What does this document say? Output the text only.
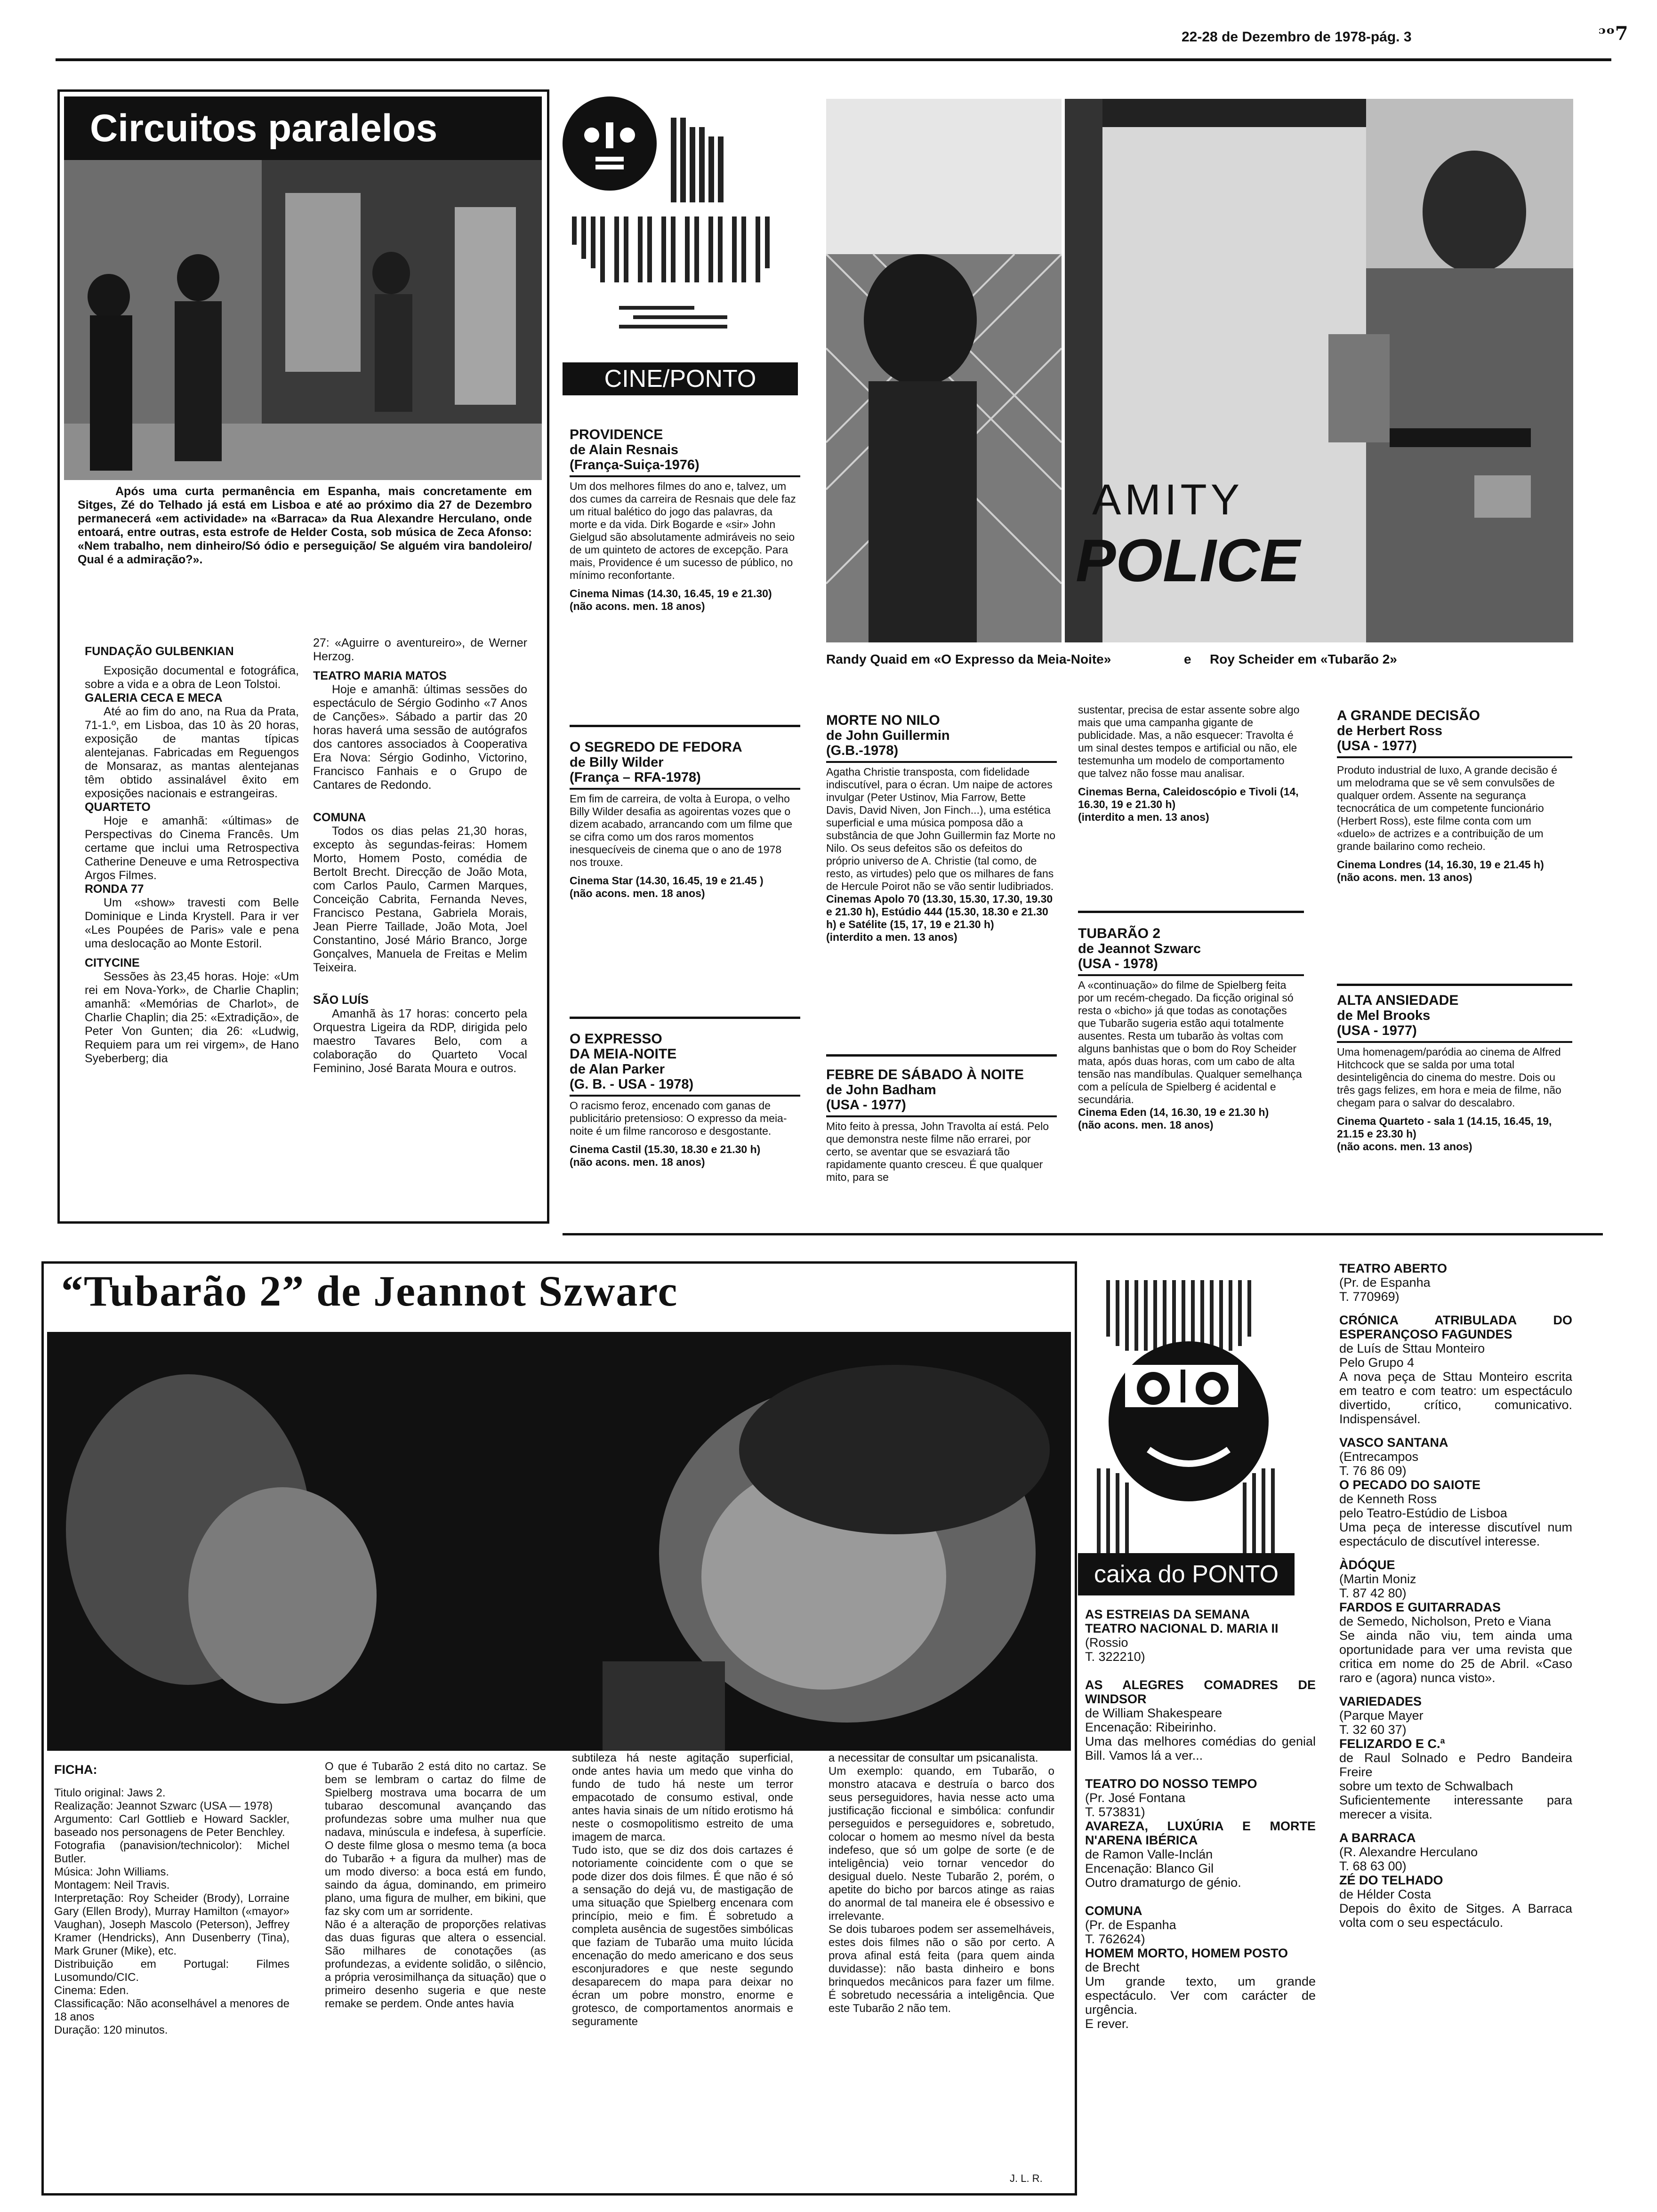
22-28 de Dezembro de 1978-pág. 3	ᵓᵒ7
Circuitos paralelos
Após uma curta permanência em Espanha, mais concretamente em Sitges, Zé do Telhado já está em Lisboa e até ao próximo dia 27 de Dezembro permanecerá «em actividade» na «Barraca» da Rua Alexandre Herculano, onde entoará, entre outras, esta estrofe de Helder Costa, sob música de Zeca Afonso: «Nem trabalho, nem dinheiro/Só ódio e perseguição/ Se alguém vira bandoleiro/ Qual é a admiração?».
FUNDAÇÃO GULBENKIAN
Exposição documental e fotográfica, sobre a vida e a obra de Leon Tolstoi.
GALERIA CECA E MECA
Até ao fim do ano, na Rua da Prata, 71-1.º, em Lisboa, das 10 às 20 horas, exposição de mantas típicas alentejanas. Fabricadas em Reguengos de Monsaraz, as mantas alentejanas têm obtido assinalável êxito em exposições nacionais e estrangeiras.
QUARTETO
Hoje e amanhã: «últimas» de Perspectivas do Cinema Francês. Um certame que inclui uma Retrospectiva Catherine Deneuve e uma Retrospectiva Argos Filmes.
RONDA 77
Um «show» travesti com Belle Dominique e Linda Krystell. Para ir ver «Les Poupées de Paris» vale e pena uma deslocação ao Monte Estoril.
CITYCINE
Sessões às 23,45 horas. Hoje: «Um rei em Nova-York», de Charlie Chaplin; amanhã: «Memórias de Charlot», de Charlie Chaplin; dia 25: «Extradição», de Peter Von Gunten; dia 26: «Ludwig, Requiem para um rei virgem», de Hano Syeberberg; dia
27: «Aguirre o aventureiro», de Werner Herzog.
TEATRO MARIA MATOS
Hoje e amanhã: últimas sessões do espectáculo de Sérgio Godinho «7 Anos de Canções». Sábado a partir das 20 horas haverá uma sessão de autógrafos dos cantores associados à Cooperativa Era Nova: Sérgio Godinho, Victorino, Francisco Fanhais e o Grupo de Cantares de Redondo.
COMUNA
Todos os dias pelas 21,30 horas, excepto às segundas-feiras: Homem Morto, Homem Posto, comédia de Bertolt Brecht. Direcção de João Mota, com Carlos Paulo, Carmen Marques, Conceição Cabrita, Fernanda Neves, Francisco Pestana, Gabriela Morais, Jean Pierre Taillade, João Mota, Joel Constantino, José Mário Branco, Jorge Gonçalves, Manuela de Freitas e Melim Teixeira.
SÃO LUÍS
Amanhã às 17 horas: concerto pela Orquestra Ligeira da RDP, dirigida pelo maestro Tavares Belo, com a colaboração do Quarteto Vocal Feminino, José Barata Moura e outros.
CINE/PONTO
PROVIDENCE
de Alain Resnais
(França-Suiça-1976)
Um dos melhores filmes do ano e, talvez, um dos cumes da carreira de Resnais que dele faz um ritual balético do jogo das palavras, da morte e da vida. Dirk Bogarde e «sir» John Gielgud são absolutamente admiráveis no seio de um quinteto de actores de excepção. Para mais, Providence é um sucesso de público, no mínimo reconfortante.
Cinema Nimas (14.30, 16.45, 19 e 21.30)
(não acons. men. 18 anos)
O SEGREDO DE FEDORA
de Billy Wilder
(França – RFA-1978)
Em fim de carreira, de volta à Europa, o velho Billy Wilder desafia as agoirentas vozes que o dizem acabado, arrancando com um filme que se cifra como um dos raros momentos inesquecíveis de cinema que o ano de 1978 nos trouxe.
Cinema Star (14.30, 16.45, 19 e 21.45 )
(não acons. men. 18 anos)
O EXPRESSO
DA MEIA-NOITE
de Alan Parker
(G. B. - USA - 1978)
O racismo feroz, encenado com ganas de publicitário pretensioso: O expresso da meia-noite é um filme rancoroso e desgostante.
Cinema Castil (15.30, 18.30 e 21.30 h)
(não acons. men. 18 anos)
AMITY
POLICE
Randy Quaid em «O Expresso da Meia-Noite»	e Roy Scheider em «Tubarão 2»
MORTE NO NILO
de John Guillermin
(G.B.-1978)
Agatha Christie transposta, com fidelidade indiscutível, para o écran. Um naipe de actores invulgar (Peter Ustinov, Mia Farrow, Bette Davis, David Niven, Jon Finch...), uma estética superficial e uma música pomposa dão a substância de que John Guillermin faz Morte no Nilo. Os seus defeitos são os defeitos do próprio universo de A. Christie (tal como, de resto, as virtudes) pelo que os milhares de fans de Hercule Poirot não se vão sentir ludibriados.
Cinemas Apolo 70 (13.30, 15.30, 17.30, 19.30 e 21.30 h), Estúdio 444 (15.30, 18.30 e 21.30 h) e Satélite (15, 17, 19 e 21.30 h)
(interdito a men. 13 anos)
FEBRE DE SÁBADO À NOITE
de John Badham
(USA - 1977)
Mito feito à pressa, John Travolta aí está. Pelo que demonstra neste filme não errarei, por certo, se aventar que se esvaziará tão rapidamente quanto cresceu. É que qualquer mito, para se
sustentar, precisa de estar assente sobre algo mais que uma campanha gigante de publicidade. Mas, a não esquecer: Travolta é um sinal destes tempos e artificial ou não, ele testemunha um modelo de comportamento que talvez não fosse mau analisar.
Cinemas Berna, Caleidoscópio e Tivoli (14, 16.30, 19 e 21.30 h)
(interdito a men. 13 anos)
TUBARÃO 2
de Jeannot Szwarc
(USA - 1978)
A «continuação» do filme de Spielberg feita por um recém-chegado. Da ficção original só resta o «bicho» já que todas as conotações que Tubarão sugeria estão aqui totalmente ausentes. Resta um tubarão às voltas com alguns banhistas que o bom do Roy Scheider mata, após duas horas, com um cabo de alta tensão nas mandíbulas. Qualquer semelhança com a película de Spielberg é acidental e secundária.
Cinema Eden (14, 16.30, 19 e 21.30 h)
(não acons. men. 18 anos)
A GRANDE DECISÃO
de Herbert Ross
(USA - 1977)
Produto industrial de luxo, A grande decisão é um melodrama que se vê sem convulsões de qualquer ordem. Assente na segurança tecnocrática de um competente funcionário (Herbert Ross), este filme conta com um «duelo» de actrizes e a contribuição de um grande bailarino como recheio.
Cinema Londres (14, 16.30, 19 e 21.45 h)
(não acons. men. 13 anos)
ALTA ANSIEDADE
de Mel Brooks
(USA - 1977)
Uma homenagem/paródia ao cinema de Alfred Hitchcock que se salda por uma total desinteligência do cinema do mestre. Dois ou três gags felizes, em hora e meia de filme, não chegam para o salvar do descalabro.
Cinema Quarteto - sala 1 (14.15, 16.45, 19, 21.15 e 23.30 h)
(não acons. men. 13 anos)
“Tubarão 2” de Jeannot Szwarc
FICHA:
Titulo original: Jaws 2.
Realização: Jeannot Szwarc (USA — 1978)
Argumento: Carl Gottlieb e Howard Sackler, baseado nos personagens de Peter Benchley.
Fotografia (panavision/technicolor): Michel Butler.
Música: John Williams.
Montagem: Neil Travis.
Interpretação: Roy Scheider (Brody), Lorraine Gary (Ellen Brody), Murray Hamilton («mayor» Vaughan), Joseph Mascolo (Peterson), Jeffrey Kramer (Hendricks), Ann Dusenberry (Tina), Mark Gruner (Mike), etc.
Distribuição em Portugal: Filmes Lusomundo/CIC.
Cinema: Eden.
Classificação: Não aconselhável a menores de 18 anos
Duração: 120 minutos.
O que é Tubarão 2 está dito no cartaz. Se bem se lembram o cartaz do filme de Spielberg mostrava uma bocarra de um tubarao descomunal avançando das profundezas sobre uma mulher nua que nadava, minúscula e indefesa, à superfície. O deste filme glosa o mesmo tema (a boca do Tubarão + a figura da mulher) mas de um modo diverso: a boca está em fundo, saindo da água, dominando, em primeiro plano, uma figura de mulher, em bikini, que faz sky com um ar sorridente.
Não é a alteração de proporções relativas das duas figuras que altera o essencial. São milhares de conotações (as profundezas, a evidente solidão, o silêncio, a própria verosimilhança da situação) que o primeiro desenho sugeria e que neste remake se perdem. Onde antes havia
subtileza há neste agitação superficial, onde antes havia um medo que vinha do fundo de tudo há neste um terror empacotado de consumo estival, onde antes havia sinais de um nítido erotismo há neste o cosmopolitismo estreito de uma imagem de marca.
Tudo isto, que se diz dos dois cartazes é notoriamente coincidente com o que se pode dizer dos dois filmes. É que não é só a sensação do dejá vu, de mastigação de uma situação que Spielberg encenara com princípio, meio e fim. É sobretudo a completa ausência de sugestões simbólicas que faziam de Tubarão uma muito lúcida encenação do medo americano e dos seus esconjuradores e que neste segundo desaparecem do mapa para deixar no écran um pobre monstro, enorme e grotesco, de comportamentos anormais e seguramente
a necessitar de consultar um psicanalista.
Um exemplo: quando, em Tubarão, o monstro atacava e destruía o barco dos seus perseguidores, havia nesse acto uma justificação ficcional e simbólica: confundir perseguidos e perseguidores e, sobretudo, colocar o homem ao mesmo nível da besta indefeso, que só um golpe de sorte (e de inteligência) veio tornar vencedor do desigual duelo. Neste Tubarão 2, porém, o apetite do bicho por barcos atinge as raias do anormal de tal maneira ele é obsessivo e irrelevante.
Se dois tubaroes podem ser assemelháveis, estes dois filmes não o são por certo. A prova afinal está feita (para quem ainda duvidasse): não basta dinheiro e bons brinquedos mecânicos para fazer um filme. É sobretudo necessária a inteligência. Que este Tubarão 2 não tem.
J. L. R.
caixa do PONTO
AS ESTREIAS DA SEMANA
TEATRO NACIONAL D. MARIA II
(Rossio
T. 322210)
AS ALEGRES COMADRES DE WINDSOR
de William Shakespeare
Encenação: Ribeirinho.
Uma das melhores comédias do genial Bill. Vamos lá a ver...
TEATRO DO NOSSO TEMPO
(Pr. José Fontana
T. 573831)
AVAREZA, LUXÚRIA E MORTE N'ARENA IBÉRICA
de Ramon Valle-Inclán
Encenação: Blanco Gil
Outro dramaturgo de génio.
COMUNA
(Pr. de Espanha
T. 762624)
HOMEM MORTO, HOMEM POSTO
de Brecht
Um grande texto, um grande espectáculo. Ver com carácter de urgência.
E rever.
TEATRO ABERTO
(Pr. de Espanha
T. 770969)
CRÓNICA ATRIBULADA DO ESPERANÇOSO FAGUNDES
de Luís de Sttau Monteiro
Pelo Grupo 4
A nova peça de Sttau Monteiro escrita em teatro e com teatro: um espectáculo divertido, crítico, comunicativo. Indispensável.
VASCO SANTANA
(Entrecampos
T. 76 86 09)
O PECADO DO SAIOTE
de Kenneth Ross
pelo Teatro-Estúdio de Lisboa
Uma peça de interesse discutível num espectáculo de discutível interesse.
ÀDÓQUE
(Martin Moniz
T. 87 42 80)
FARDOS E GUITARRADAS
de Semedo, Nicholson, Preto e Viana
Se ainda não viu, tem ainda uma oportunidade para ver uma revista que critica em nome do 25 de Abril. «Caso raro e (agora) nunca visto».
VARIEDADES
(Parque Mayer
T. 32 60 37)
FELIZARDO E C.ª
de Raul Solnado e Pedro Bandeira Freire
sobre um texto de Schwalbach
Suficientemente interessante para merecer a visita.
A BARRACA
(R. Alexandre Herculano
T. 68 63 00)
ZÉ DO TELHADO
de Hélder Costa
Depois do êxito de Sitges. A Barraca volta com o seu espectáculo.
